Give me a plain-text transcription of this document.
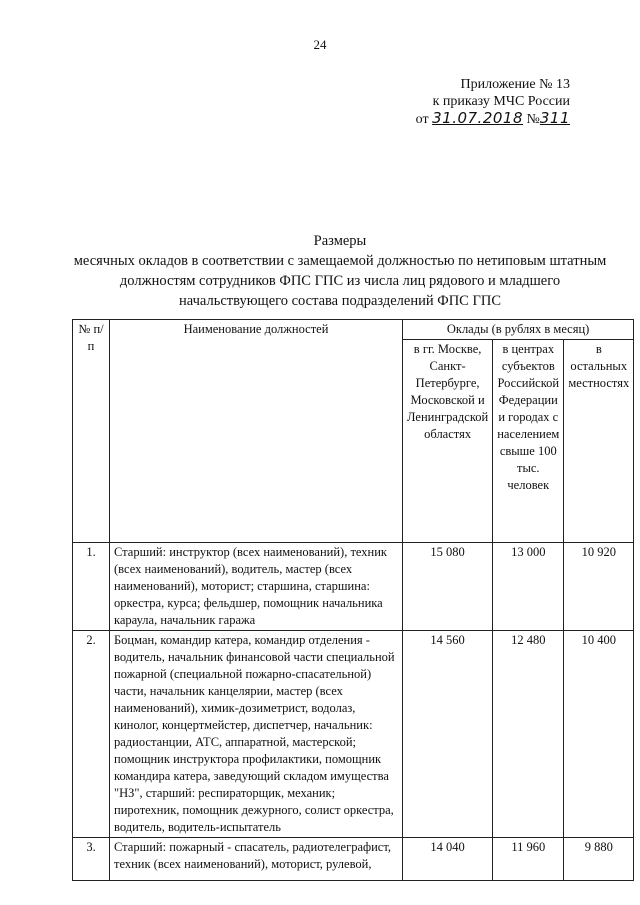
24
Приложение № 13
к приказу МЧС России
от 31.07.2018 №311
Размеры
месячных окладов в соответствии с замещаемой должностью по нетиповым штатным должностям сотрудников ФПС ГПС из числа лиц рядового и младшего начальствующего состава подразделений ФПС ГПС
№ п/п	Наименование должностей	Оклады (в рублях в месяц)		
		в гг. Москве, Санкт-Петербурге, Московской и Ленинградской областях	в центрах субъектов Российской Федерации и городах с населением свыше 100 тыс. человек	в остальных местностях
1.	Старший: инструктор (всех наименований), техник (всех наименований), водитель, мастер (всех наименований), моторист; старшина, старшина: оркестра, курса; фельдшер, помощник начальника караула, начальник гаража	15 080	13 000	10 920
2.	Боцман, командир катера, командир отделения - водитель, начальник финансовой части специальной пожарной (специальной пожарно-спасательной) части, начальник канцелярии, мастер (всех наименований), химик-дозиметрист, водолаз, кинолог, концертмейстер, диспетчер, начальник: радиостанции, АТС, аппаратной, мастерской; помощник инструктора профилактики, помощник командира катера, заведующий складом имущества "НЗ", старший: респираторщик, механик; пиротехник, помощник дежурного, солист оркестра, водитель, водитель-испытатель	14 560	12 480	10 400
3.	Старший: пожарный - спасатель, радиотелеграфист, техник (всех наименований), моторист, рулевой,	14 040	11 960	9 880
